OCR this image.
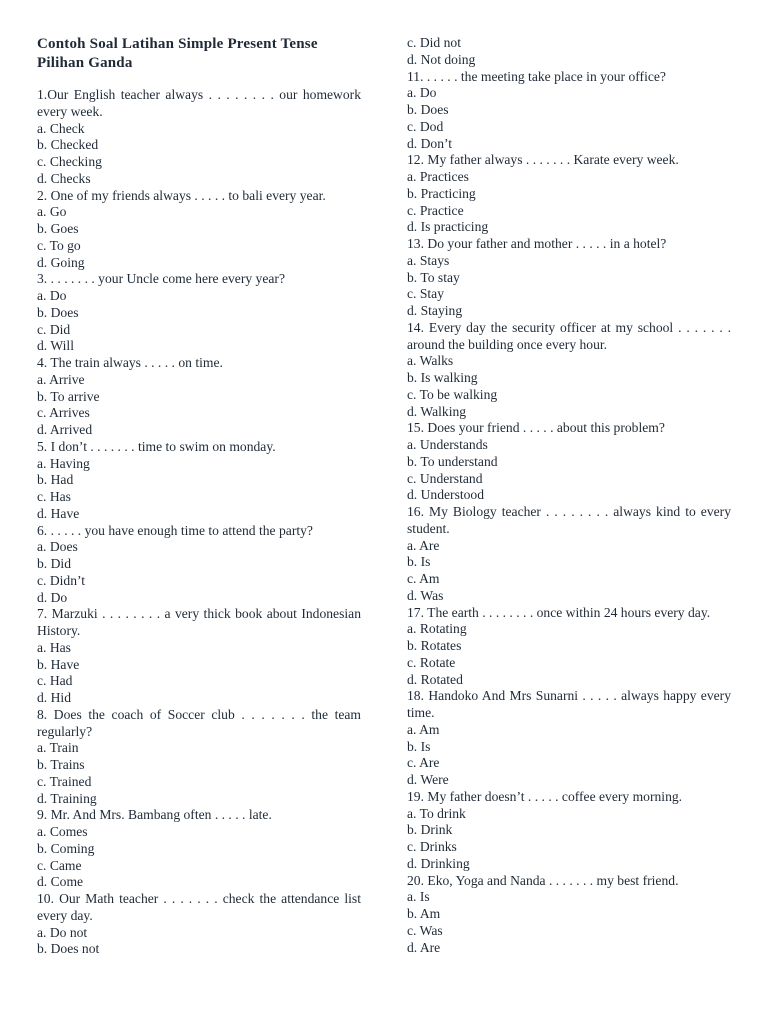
Contoh Soal Latihan Simple Present Tense Pilihan Ganda
1.Our English teacher always . . . . . . . . our homework every week.
a. Check
b. Checked
c. Checking
d. Checks
2. One of my friends always . . . . . to bali every year.
a. Go
b. Goes
c. To go
d. Going
3. . . . . . . . your Uncle come here every year?
a. Do
b. Does
c. Did
d. Will
4. The train always . . . . . on time.
a. Arrive
b. To arrive
c. Arrives
d. Arrived
5. I don’t . . . . . . . time to swim on monday.
a. Having
b. Had
c. Has
d. Have
6. . . . . . you have enough time to attend the party?
a. Does
b. Did
c. Didn’t
d. Do
7. Marzuki . . . . . . . . a very thick book about Indonesian History.
a. Has
b. Have
c. Had
d. Hid
8. Does the coach of Soccer club . . . . . . . the team regularly?
a. Train
b. Trains
c. Trained
d. Training
9. Mr. And Mrs. Bambang often . . . . . late.
a. Comes
b. Coming
c. Came
d. Come
10. Our Math teacher . . . . . . . check the attendance list every day.
a. Do not
b. Does not
c. Did not
d. Not doing
11. . . . . . the meeting take place in your office?
a. Do
b. Does
c. Dod
d. Don’t
12. My father always . . . . . . . Karate every week.
a. Practices
b. Practicing
c. Practice
d. Is practicing
13. Do your father and mother . . . . . in a hotel?
a. Stays
b. To stay
c. Stay
d. Staying
14. Every day the security officer at my school . . . . . . . around the building once every hour.
a. Walks
b. Is walking
c. To be walking
d. Walking
15. Does your friend . . . . . about this problem?
a. Understands
b. To understand
c. Understand
d. Understood
16. My Biology teacher . . . . . . . . always kind to every student.
a. Are
b. Is
c. Am
d. Was
17. The earth . . . . . . . . once within 24 hours every day.
a. Rotating
b. Rotates
c. Rotate
d. Rotated
18. Handoko And Mrs Sunarni . . . . . always happy every time.
a. Am
b. Is
c. Are
d. Were
19. My father doesn’t . . . . . coffee every morning.
a. To drink
b. Drink
c. Drinks
d. Drinking
20. Eko, Yoga and Nanda . . . . . . . my best friend.
a. Is
b. Am
c. Was
d. Are
